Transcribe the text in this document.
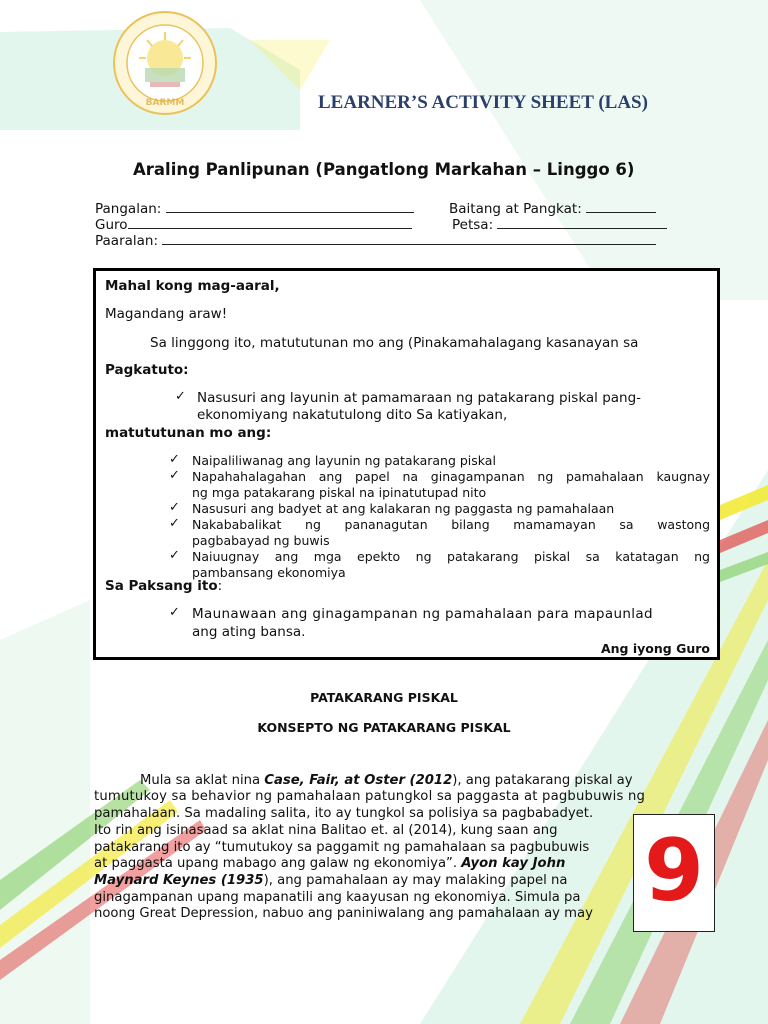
BARMM	LEARNER’S ACTIVITY SHEET (LAS)
Araling Panlipunan (Pangatlong Markahan – Linggo 6)
Pangalan:	Baitang at Pangkat:
Guro	Petsa:
Paaralan:
Mahal kong mag-aaral,
Magandang araw!
Sa linggong ito, matututunan mo ang (Pinakamahalagang kasanayan sa
Pagkatuto:
✓ Nasusuri ang layunin at pamamaraan ng patakarang piskal pang-
ekonomiyang nakatutulong dito Sa katiyakan,
matututunan mo ang:
✓ Naipaliliwanag ang layunin ng patakarang piskal
✓ Napahahalagahan ang papel na ginagampanan ng pamahalaan kaugnay
ng mga patakarang piskal na ipinatutupad nito
✓ Nasusuri ang badyet at ang kalakaran ng paggasta ng pamahalaan
✓ Nakababalikat ng pananagutan bilang mamamayan sa wastong
pagbabayad ng buwis
✓ Naiuugnay ang mga epekto ng patakarang piskal sa katatagan ng
pambansang ekonomiya
Sa Paksang ito:
✓ Maunawaan ang ginagampanan ng pamahalaan para mapaunlad
ang ating bansa.
Ang iyong Guro
PATAKARANG PISKAL
KONSEPTO NG PATAKARANG PISKAL
Mula sa aklat nina Case, Fair, at Oster (2012), ang patakarang piskal ay
tumutukoy sa behavior ng pamahalaan patungkol sa paggasta at pagbubuwis ng
pamahalaan. Sa madaling salita, ito ay tungkol sa polisiya sa pagbabadyet.
Ito rin ang isinasaad sa aklat nina Balitao et. al (2014), kung saan ang
patakarang ito ay “tumutukoy sa paggamit ng pamahalaan sa pagbubuwis
at paggasta upang mabago ang galaw ng ekonomiya”. Ayon kay John
Maynard Keynes (1935), ang pamahalaan ay may malaking papel na
ginagampanan upang mapanatili ang kaayusan ng ekonomiya. Simula pa
noong Great Depression, nabuo ang paniniwalang ang pamahalaan ay may 9
